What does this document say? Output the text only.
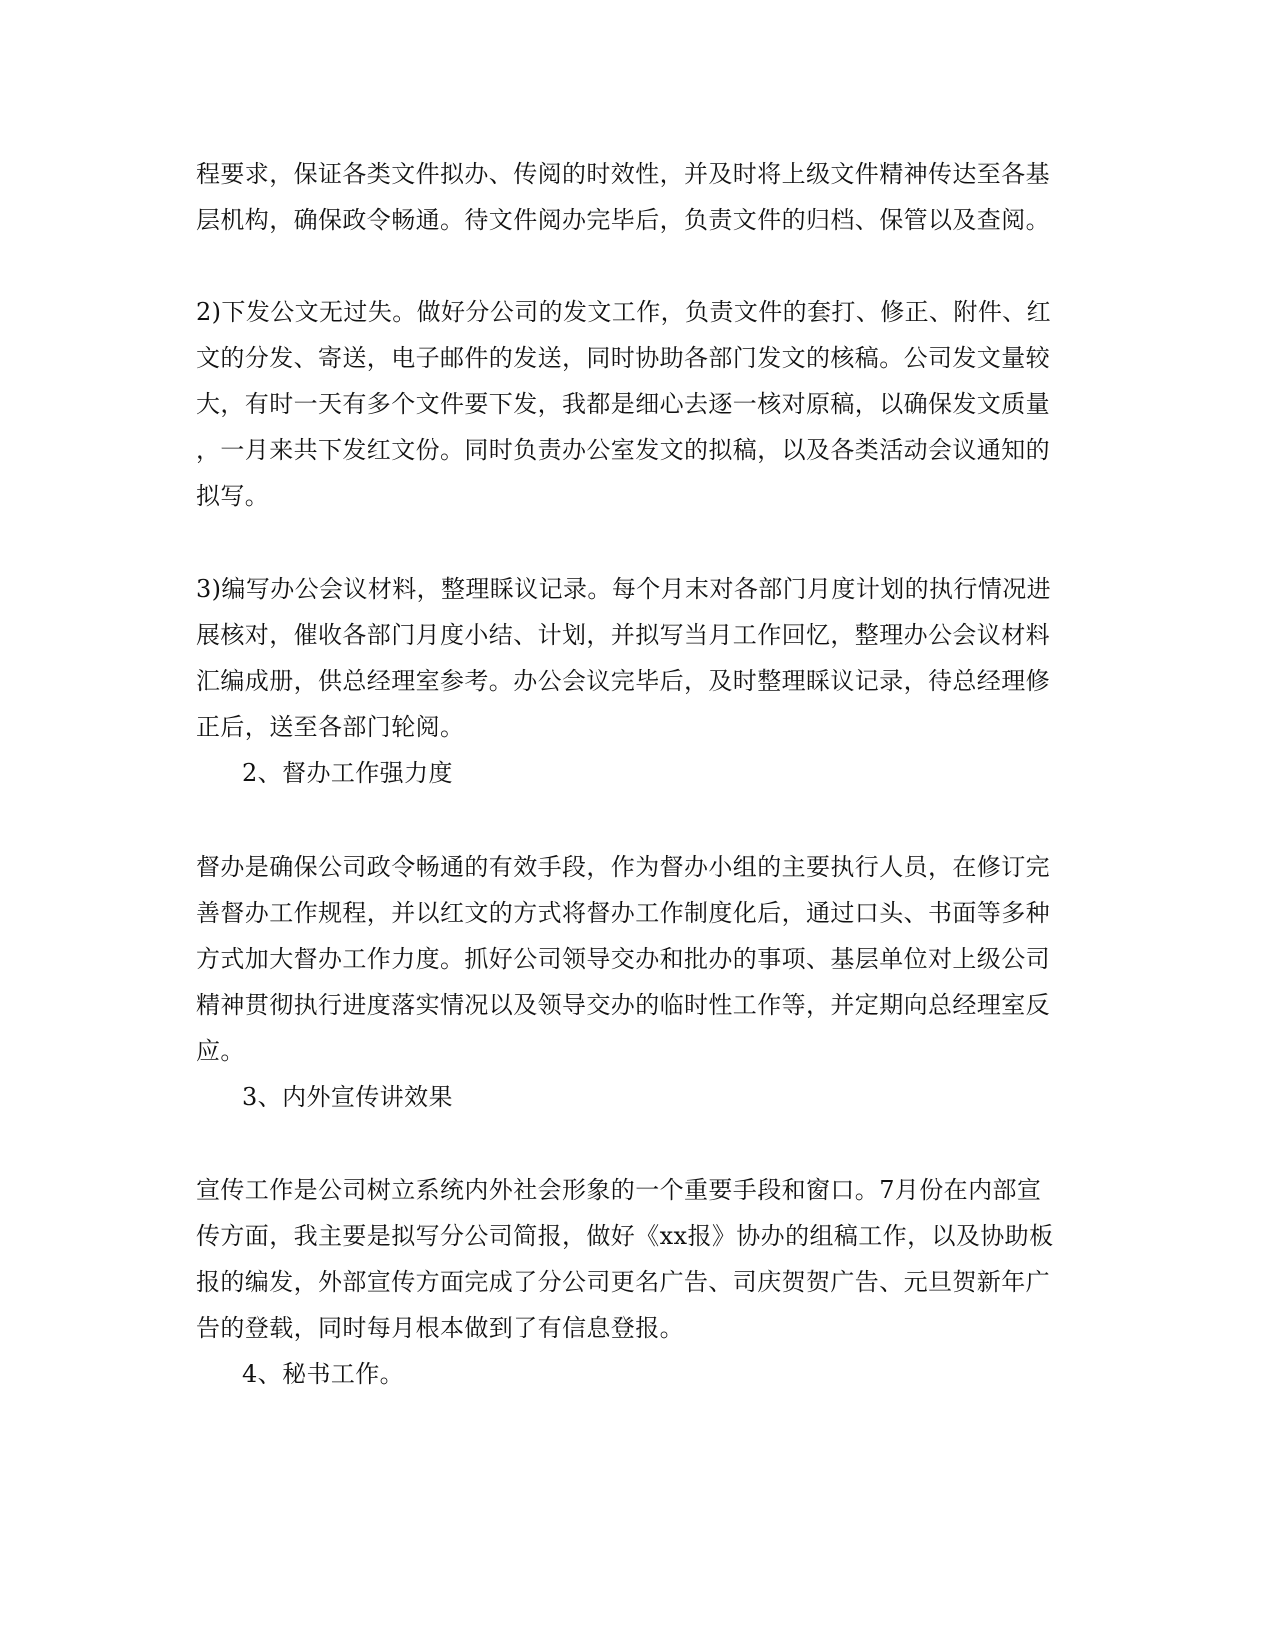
程要求，保证各类文件拟办、传阅的时效性，并及时将上级文件精神传达至各基
层机构，确保政令畅通。待文件阅办完毕后，负责文件的归档、保管以及查阅。
2)下发公文无过失。做好分公司的发文工作，负责文件的套打、修正、附件、红
文的分发、寄送，电子邮件的发送，同时协助各部门发文的核稿。公司发文量较
大，有时一天有多个文件要下发，我都是细心去逐一核对原稿，以确保发文质量
，一月来共下发红文份。同时负责办公室发文的拟稿，以及各类活动会议通知的
拟写。
3)编写办公会议材料，整理睬议记录。每个月末对各部门月度计划的执行情况进
展核对，催收各部门月度小结、计划，并拟写当月工作回忆，整理办公会议材料
汇编成册，供总经理室参考。办公会议完毕后，及时整理睬议记录，待总经理修
正后，送至各部门轮阅。
2、督办工作强力度
督办是确保公司政令畅通的有效手段，作为督办小组的主要执行人员，在修订完
善督办工作规程，并以红文的方式将督办工作制度化后，通过口头、书面等多种
方式加大督办工作力度。抓好公司领导交办和批办的事项、基层单位对上级公司
精神贯彻执行进度落实情况以及领导交办的临时性工作等，并定期向总经理室反
应。
3、内外宣传讲效果
宣传工作是公司树立系统内外社会形象的一个重要手段和窗口。7月份在内部宣
传方面，我主要是拟写分公司简报，做好《xx报》协办的组稿工作，以及协助板
报的编发，外部宣传方面完成了分公司更名广告、司庆贺贺广告、元旦贺新年广
告的登载，同时每月根本做到了有信息登报。
4、秘书工作。
